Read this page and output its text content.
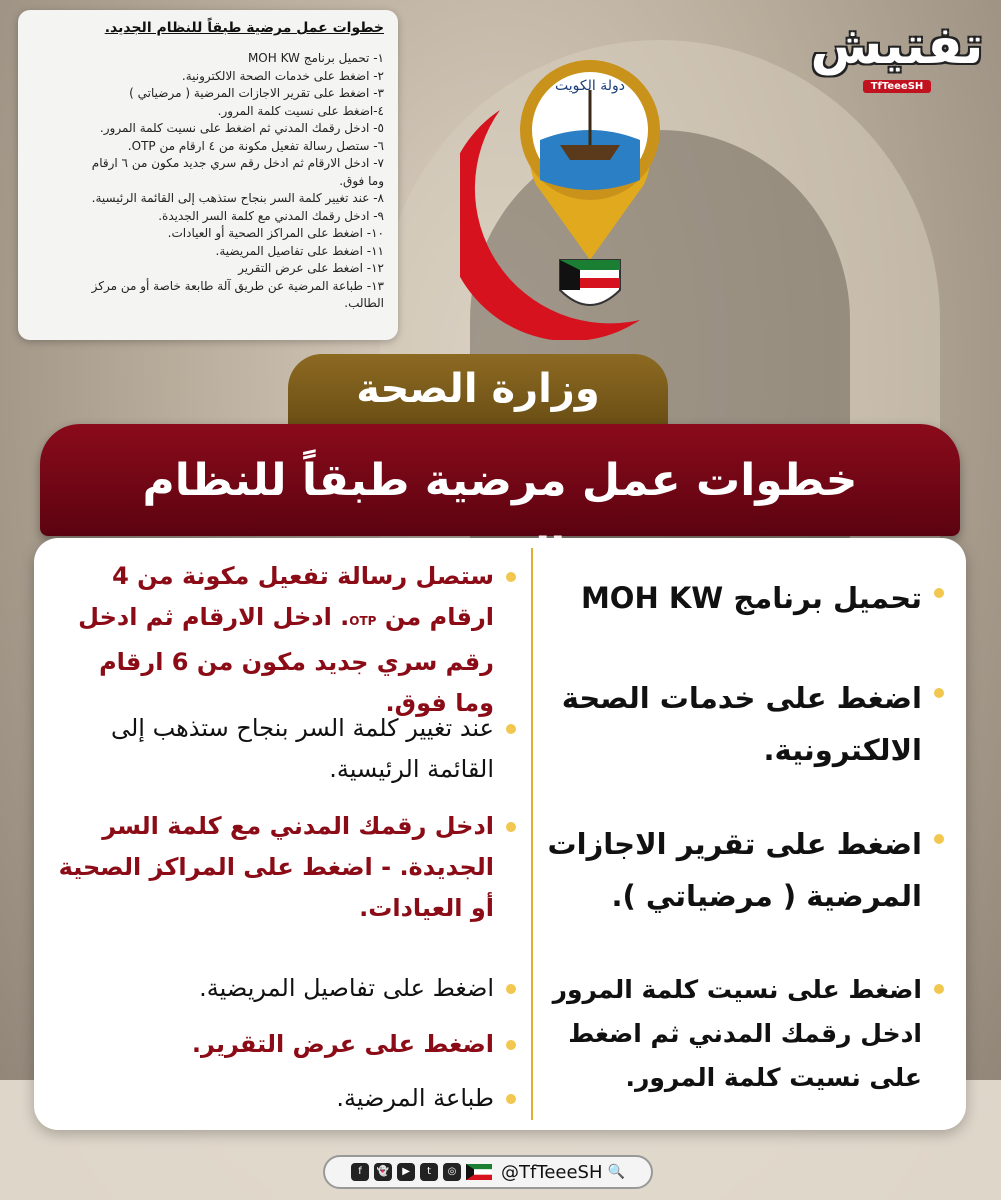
خطوات عمل مرضية طبقاً للنظام الجديد.
١- تحميل برنامج MOH KW
٢- اضغط على خدمات الصحة الالكترونية.
٣- اضغط على تقرير الاجازات المرضية ( مرضياتي )
٤-اضغط على نسيت كلمة المرور.
٥- ادخل رقمك المدني ثم اضغط على نسيت كلمة المرور.
٦- ستصل رسالة تفعيل مكونة من ٤ ارقام من OTP.
٧- ادخل الارقام ثم ادخل رقم سري جديد مكون من ٦ ارقام
وما فوق.
٨- عند تغيير كلمة السر بنجاح ستذهب إلى القائمة الرئيسية.
٩- ادخل رقمك المدني مع كلمة السر الجديدة.
١٠- اضغط على المراكز الصحية أو العيادات.
١١- اضغط على تفاصيل المريضية.
١٢- اضغط على عرض التقرير
١٣- طباعة المرضية عن طريق آلة طابعة خاصة أو من مركز
الطالب.
دولة الكويت
تفتيش
TfTeeeSH
وزارة الصحة
خطوات عمل مرضية طبقاً للنظام
تحميل برنامج MOH KW
اضغط على خدمات الصحة الالكترونية.
اضغط على تقرير الاجازات المرضية ( مرضياتي ).
اضغط على نسيت كلمة المرور ادخل رقمك المدني ثم اضغط على نسيت كلمة المرور.
ستصل رسالة تفعيل مكونة من 4 ارقام من OTP. ادخل الارقام ثم ادخل رقم سري جديد مكون من 6 ارقام وما فوق.
عند تغيير كلمة السر بنجاح ستذهب إلى القائمة الرئيسية.
ادخل رقمك المدني مع كلمة السر الجديدة. - اضغط على المراكز الصحية أو العيادات.
اضغط على تفاصيل المريضية.
اضغط على عرض التقرير.
طباعة المرضية.
f	👻	▶	t	◎ @TfTeeeSH 🔍
